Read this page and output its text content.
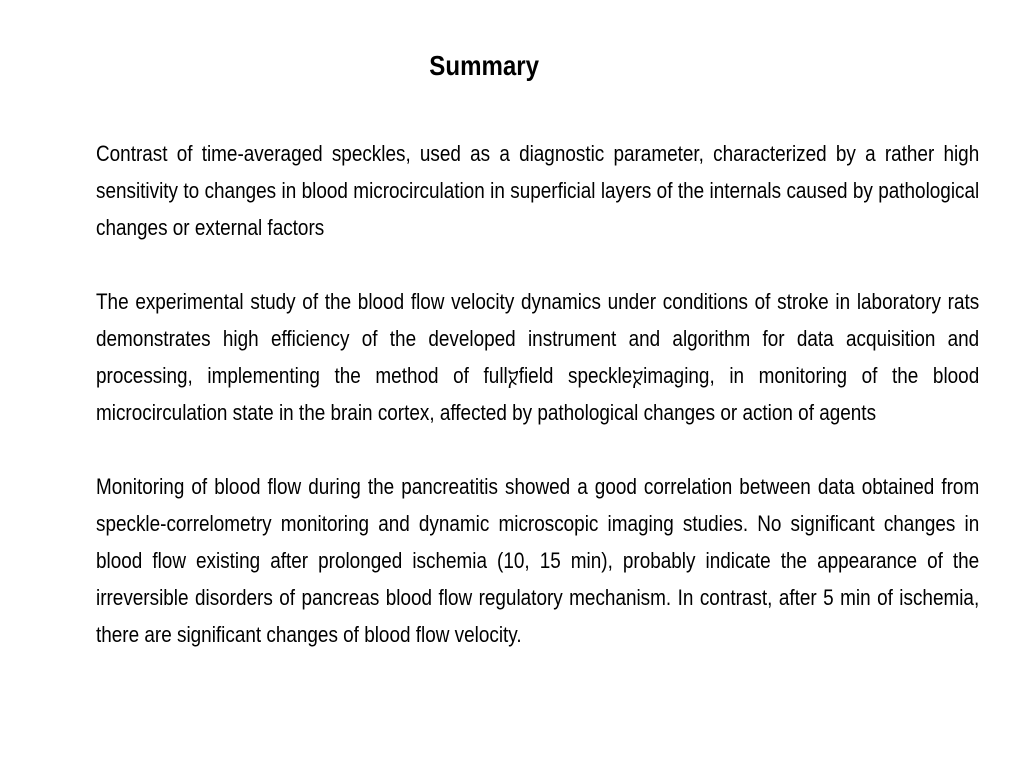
Summary

Contrast of time-averaged speckles, used as a diagnostic parameter, characterized by a rather high sensitivity to changes in blood microcirculation in superficial layers of the internals caused by pathological changes or external factors

The experimental study of the blood flow velocity dynamics under conditions of stroke in laboratory rats demonstrates high efficiency of the developed instrument and algorithm for data acquisition and processing, implementing the method of fullⴟfield speckleⴟimaging, in monitoring of the blood microcirculation state in the brain cortex, affected by pathological changes or action of agents

Monitoring of blood flow during the pancreatitis showed a good correlation between data obtained from speckle-correlometry monitoring and dynamic microscopic imaging studies. No significant changes in blood flow existing after prolonged ischemia (10, 15 min), probably indicate the appearance of the irreversible disorders of pancreas blood flow regulatory mechanism. In contrast, after 5 min of ischemia, there are significant changes of blood flow velocity.
